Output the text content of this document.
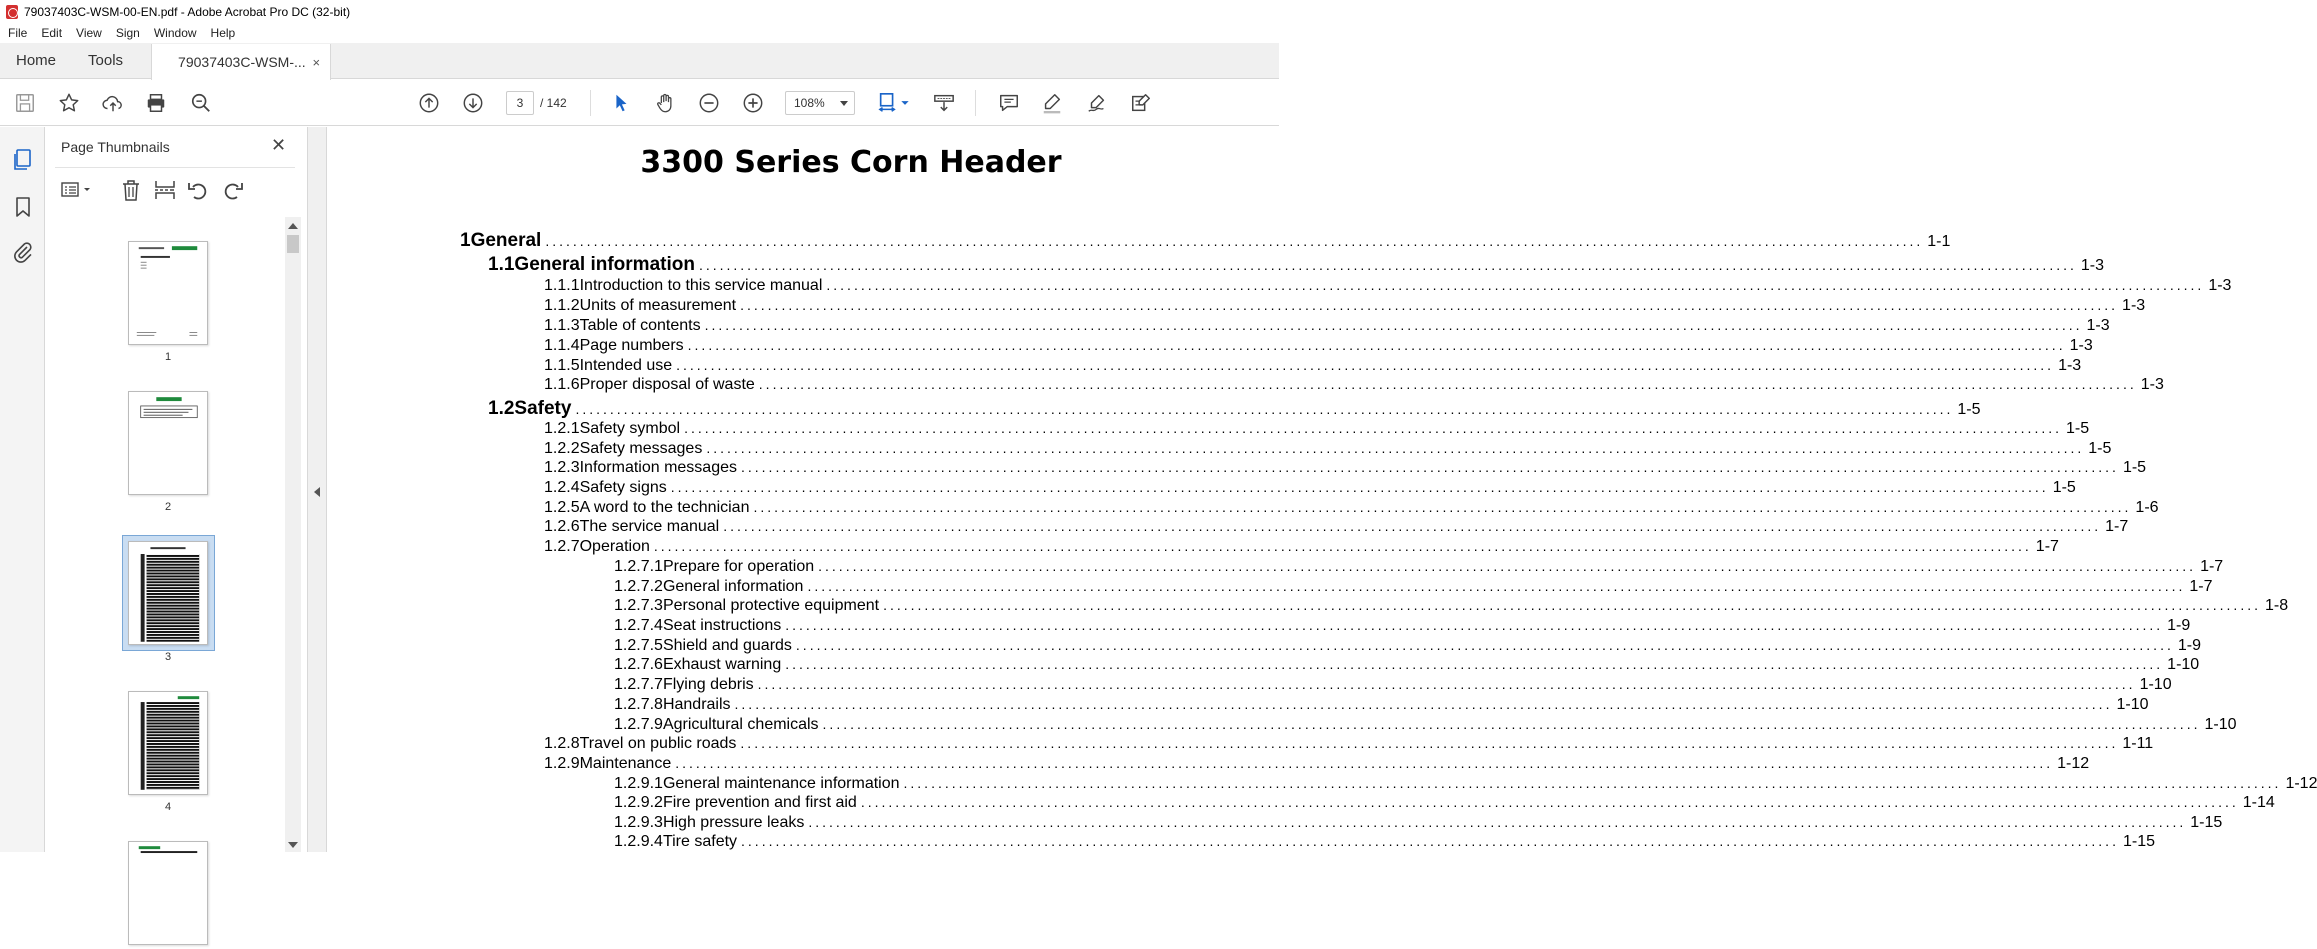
79037403C-WSM-00-EN.pdf - Adobe Acrobat Pro DC (32-bit)
File	Edit	View	Sign	Window	Help
Home	Tools	79037403C-WSM-... ×
3	/ 142	108%
Page Thumbnails	✕
1
2
3
4
3300 Series Corn Header
1 General ........................................................................................................................................................................................................ 1-1
1.1 General information ........................................................................................................................................................................................................ 1-3
1.1.1 Introduction to this service manual ........................................................................................................................................................................................................ 1-3
1.1.2 Units of measurement ........................................................................................................................................................................................................ 1-3
1.1.3 Table of contents ........................................................................................................................................................................................................ 1-3
1.1.4 Page numbers ........................................................................................................................................................................................................ 1-3
1.1.5 Intended use ........................................................................................................................................................................................................ 1-3
1.1.6 Proper disposal of waste ........................................................................................................................................................................................................ 1-3
1.2 Safety ........................................................................................................................................................................................................ 1-5
1.2.1 Safety symbol ........................................................................................................................................................................................................ 1-5
1.2.2 Safety messages ........................................................................................................................................................................................................ 1-5
1.2.3 Information messages ........................................................................................................................................................................................................ 1-5
1.2.4 Safety signs ........................................................................................................................................................................................................ 1-5
1.2.5 A word to the technician ........................................................................................................................................................................................................ 1-6
1.2.6 The service manual ........................................................................................................................................................................................................ 1-7
1.2.7 Operation ........................................................................................................................................................................................................ 1-7
1.2.7.1 Prepare for operation ........................................................................................................................................................................................................ 1-7
1.2.7.2 General information ........................................................................................................................................................................................................ 1-7
1.2.7.3 Personal protective equipment ........................................................................................................................................................................................................ 1-8
1.2.7.4 Seat instructions ........................................................................................................................................................................................................ 1-9
1.2.7.5 Shield and guards ........................................................................................................................................................................................................ 1-9
1.2.7.6 Exhaust warning ........................................................................................................................................................................................................ 1-10
1.2.7.7 Flying debris ........................................................................................................................................................................................................ 1-10
1.2.7.8 Handrails ........................................................................................................................................................................................................ 1-10
1.2.7.9 Agricultural chemicals ........................................................................................................................................................................................................ 1-10
1.2.8 Travel on public roads ........................................................................................................................................................................................................ 1-11
1.2.9 Maintenance ........................................................................................................................................................................................................ 1-12
1.2.9.1 General maintenance information ........................................................................................................................................................................................................ 1-12
1.2.9.2 Fire prevention and first aid ........................................................................................................................................................................................................ 1-14
1.2.9.3 High pressure leaks ........................................................................................................................................................................................................ 1-15
1.2.9.4 Tire safety ........................................................................................................................................................................................................ 1-15
